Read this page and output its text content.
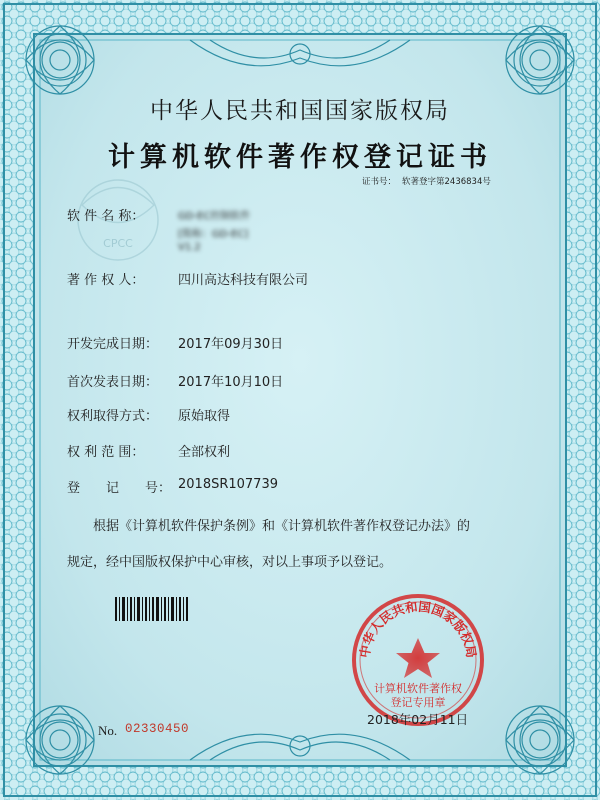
CPCC
中华人民共和国国家版权局
计算机软件著作权登记证书
证书号： 软著登字第2436834号
软 件 名 称：	GD-EC控制软件
[简称：GD-EC]
V1.2
著 作 权 人：	四川高达科技有限公司
开发完成日期： 2017年09月30日
首次发表日期： 2017年10月10日
权利取得方式： 原始取得
权 利 范 围：	全部权利
登　　记　　号： 2018SR107739
根据《计算机软件保护条例》和《计算机软件著作权登记办法》的
规定，经中国版权保护中心审核，对以上事项予以登记。
中华人民共和国国家版权局
计算机软件著作权
登记专用章
2018年02月11日
No. 02330450
